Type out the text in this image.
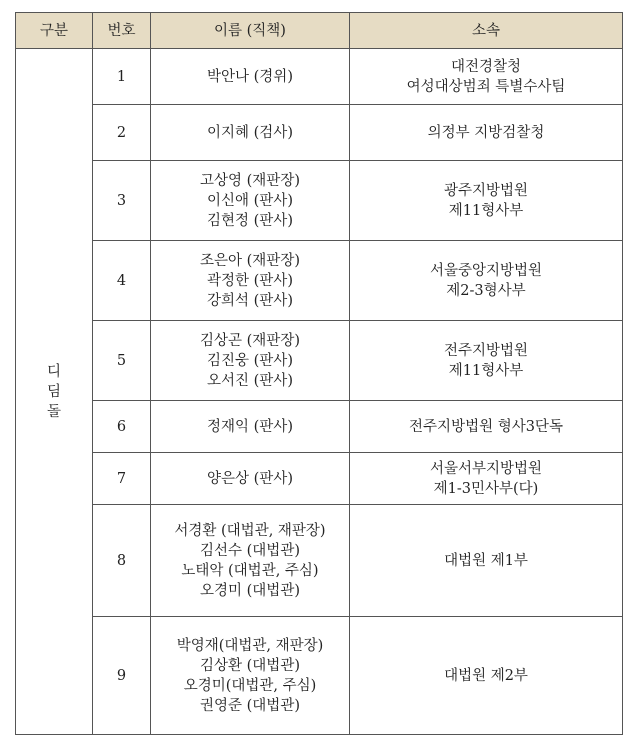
구분	번호	이름 (직책)	소속

디
딤
돌	1	박안나 (경위)	대전경찰청
여성대상범죄 특별수사팀

	2	이지혜 (검사)	의정부 지방검찰청

	3	고상영 (재판장)
이신애 (판사)
김현정 (판사)	광주지방법원
제11형사부

	4	조은아 (재판장)
곽정한 (판사)
강희석 (판사)	서울중앙지방법원
제2-3형사부

	5	김상곤 (재판장)
김진웅 (판사)
오서진 (판사)	전주지방법원
제11형사부

	6	정재익 (판사)	전주지방법원 형사3단독

	7	양은상 (판사)	서울서부지방법원
제1-3민사부(다)

	8	서경환 (대법관, 재판장)
김선수 (대법관)
노태악 (대법관, 주심)
오경미 (대법관)	대법원 제1부

	9	박영재(대법관, 재판장)
김상환 (대법관)
오경미(대법관, 주심)
권영준 (대법관)	대법원 제2부
